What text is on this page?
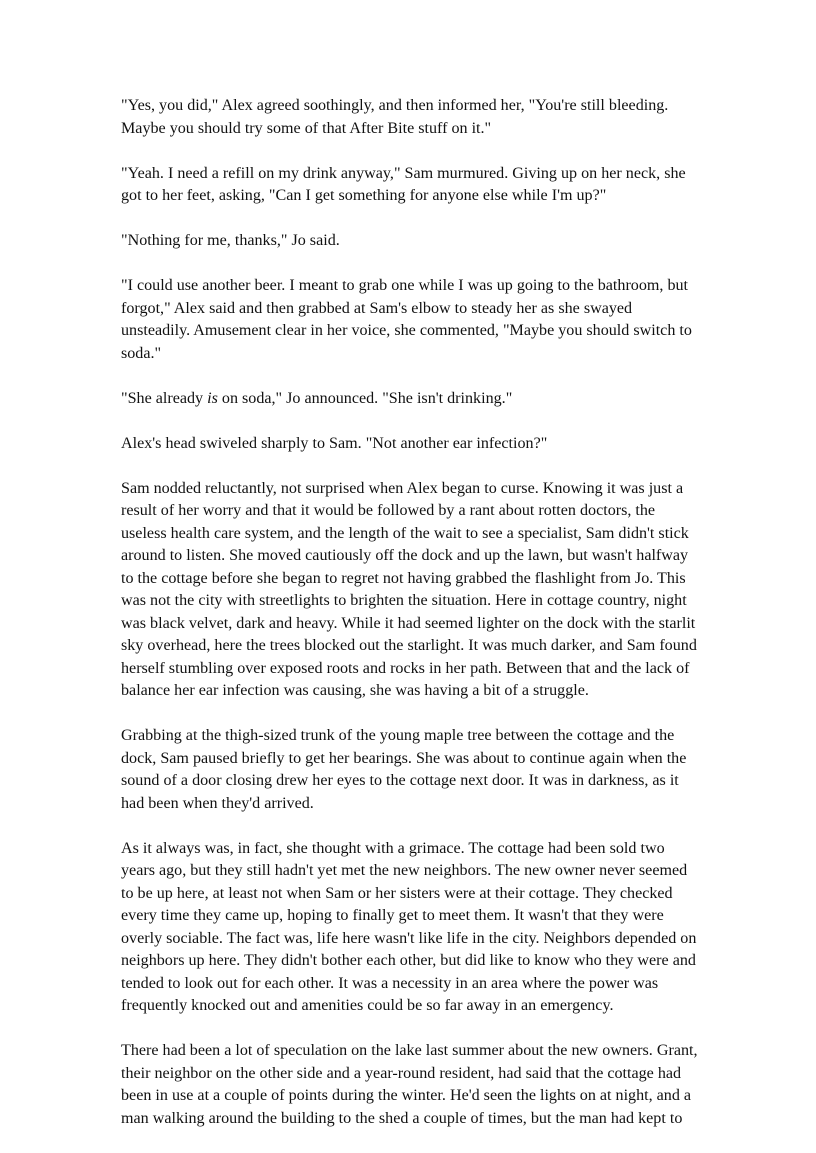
"Yes, you did," Alex agreed soothingly, and then informed her, "You're still bleeding. Maybe you should try some of that After Bite stuff on it."

"Yeah. I need a refill on my drink anyway," Sam murmured. Giving up on her neck, she got to her feet, asking, "Can I get something for anyone else while I'm up?"

"Nothing for me, thanks," Jo said.

"I could use another beer. I meant to grab one while I was up going to the bathroom, but forgot," Alex said and then grabbed at Sam's elbow to steady her as she swayed unsteadily. Amusement clear in her voice, she commented, "Maybe you should switch to soda."

"She already is on soda," Jo announced. "She isn't drinking."

Alex's head swiveled sharply to Sam. "Not another ear infection?"

Sam nodded reluctantly, not surprised when Alex began to curse. Knowing it was just a result of her worry and that it would be followed by a rant about rotten doctors, the useless health care system, and the length of the wait to see a specialist, Sam didn't stick around to listen. She moved cautiously off the dock and up the lawn, but wasn't halfway to the cottage before she began to regret not having grabbed the flashlight from Jo. This was not the city with streetlights to brighten the situation. Here in cottage country, night was black velvet, dark and heavy. While it had seemed lighter on the dock with the starlit sky overhead, here the trees blocked out the starlight. It was much darker, and Sam found herself stumbling over exposed roots and rocks in her path. Between that and the lack of balance her ear infection was causing, she was having a bit of a struggle.

Grabbing at the thigh-sized trunk of the young maple tree between the cottage and the dock, Sam paused briefly to get her bearings. She was about to continue again when the sound of a door closing drew her eyes to the cottage next door. It was in darkness, as it had been when they'd arrived.

As it always was, in fact, she thought with a grimace. The cottage had been sold two years ago, but they still hadn't yet met the new neighbors. The new owner never seemed to be up here, at least not when Sam or her sisters were at their cottage. They checked every time they came up, hoping to finally get to meet them. It wasn't that they were overly sociable. The fact was, life here wasn't like life in the city. Neighbors depended on neighbors up here. They didn't bother each other, but did like to know who they were and tended to look out for each other. It was a necessity in an area where the power was frequently knocked out and amenities could be so far away in an emergency.

There had been a lot of speculation on the lake last summer about the new owners. Grant, their neighbor on the other side and a year-round resident, had said that the cottage had been in use at a couple of points during the winter. He'd seen the lights on at night, and a man walking around the building to the shed a couple of times, but the man had kept to
